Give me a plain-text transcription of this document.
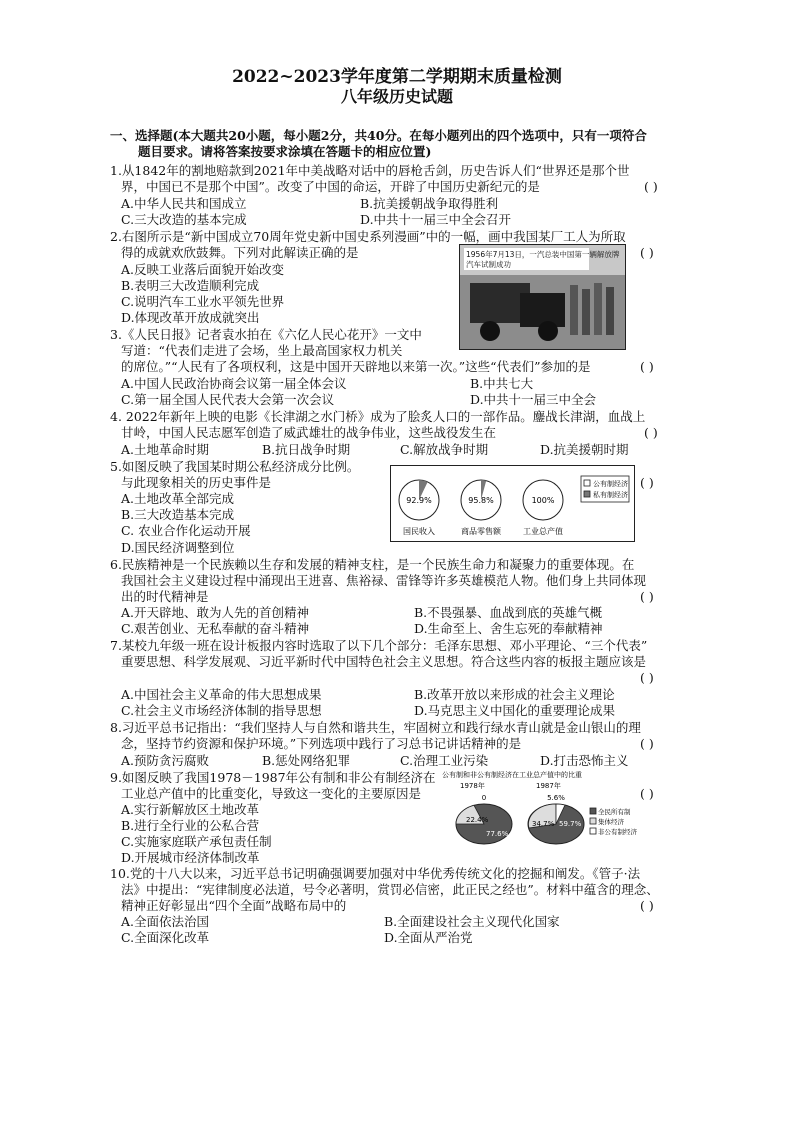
2022~2023学年度第二学期期末质量检测
八年级历史试题
一、选择题(本大题共20小题，每小题2分，共40分。在每小题列出的四个选项中，只有一项符合
题目要求。请将答案按要求涂填在答题卡的相应位置)
1.从1842年的割地赔款到2021年中美战略对话中的唇枪舌剑，历史告诉人们“世界还是那个世
界，中国已不是那个中国”。改变了中国的命运，开辟了中国历史新纪元的是	( )
A.中华人民共和国成立	B.抗美援朝战争取得胜利
C.三大改造的基本完成	D.中共十一届三中全会召开
2.右图所示是“新中国成立70周年党史新中国史系列漫画”中的一幅，画中我国某厂工人为所取
得的成就欢欣鼓舞。下列对此解读正确的是	( )
A.反映工业落后面貌开始改变
B.表明三大改造顺利完成
C.说明汽车工业水平领先世界
D.体现改革开放成就突出
1956年7月13日，一汽总装中国第一辆解放牌
汽车试制成功
3.《人民日报》记者袁水拍在《六亿人民心花开》一文中
写道：“代表们走进了会场，坐上最高国家权力机关
的席位。”“人民有了各项权利，这是中国开天辟地以来第一次。”这些“代表们”参加的是	( )
A.中国人民政治协商会议第一届全体会议	B.中共七大
C.第一届全国人民代表大会第一次会议	D.中共十一届三中全会
4. 2022年新年上映的电影《长津湖之水门桥》成为了脍炙人口的一部作品。鏖战长津湖，血战上
甘岭，中国人民志愿军创造了威武雄壮的战争伟业，这些战役发生在	( )
A.土地革命时期	B.抗日战争时期	C.解放战争时期	D.抗美援朝时期
5.如图反映了我国某时期公私经济成分比例。
与此现象相关的历史事件是	( )
A.土地改革全部完成
B.三大改造基本完成
C. 农业合作化运动开展
D.国民经济调整到位
92.9%
国民收入
95.8%
商品零售额
100%
工业总产值
公有制经济
私有制经济
6.民族精神是一个民族赖以生存和发展的精神支柱，是一个民族生命力和凝聚力的重要体现。在
我国社会主义建设过程中涌现出王进喜、焦裕禄、雷锋等许多英雄模范人物。他们身上共同体现
出的时代精神是	( )
A.开天辟地、敢为人先的首创精神	B.不畏强暴、血战到底的英雄气概
C.艰苦创业、无私奉献的奋斗精神	D.生命至上、舍生忘死的奉献精神
7.某校九年级一班在设计板报内容时选取了以下几个部分：毛泽东思想、邓小平理论、“三个代表”
重要思想、科学发展观、习近平新时代中国特色社会主义思想。符合这些内容的板报主题应该是
( )
A.中国社会主义革命的伟大思想成果	B.改革开放以来形成的社会主义理论
C.社会主义市场经济体制的指导思想	D.马克思主义中国化的重要理论成果
8.习近平总书记指出：“我们坚持人与自然和谐共生，牢固树立和践行绿水青山就是金山银山的理
念，坚持节约资源和保护环境。”下列选项中践行了习总书记讲话精神的是	( )
A.预防贪污腐败	B.惩处网络犯罪	C.治理工业污染	D.打击恐怖主义
9.如图反映了我国1978－1987年公有制和非公有制经济在
工业总产值中的比重变化，导致这一变化的主要原因是	( )
A.实行新解放区土地改革
B.进行全行业的公私合营
C.实施家庭联产承包责任制
D.开展城市经济体制改革
公有制和非公有制经济在工业总产值中的比重
1978年	1987年
0	5.6%
22.4%
77.6%
34.7% 59.7%
全民所有制
集体经济
非公有制经济
10.党的十八大以来，习近平总书记明确强调要加强对中华优秀传统文化的挖掘和阐发。《管子·法
法》中提出：“宪律制度必法道，号令必著明，赏罚必信密，此正民之经也”。材料中蕴含的理念、
精神正好彰显出“四个全面”战略布局中的	( )
A.全面依法治国	B.全面建设社会主义现代化国家
C.全面深化改革	D.全面从严治党
